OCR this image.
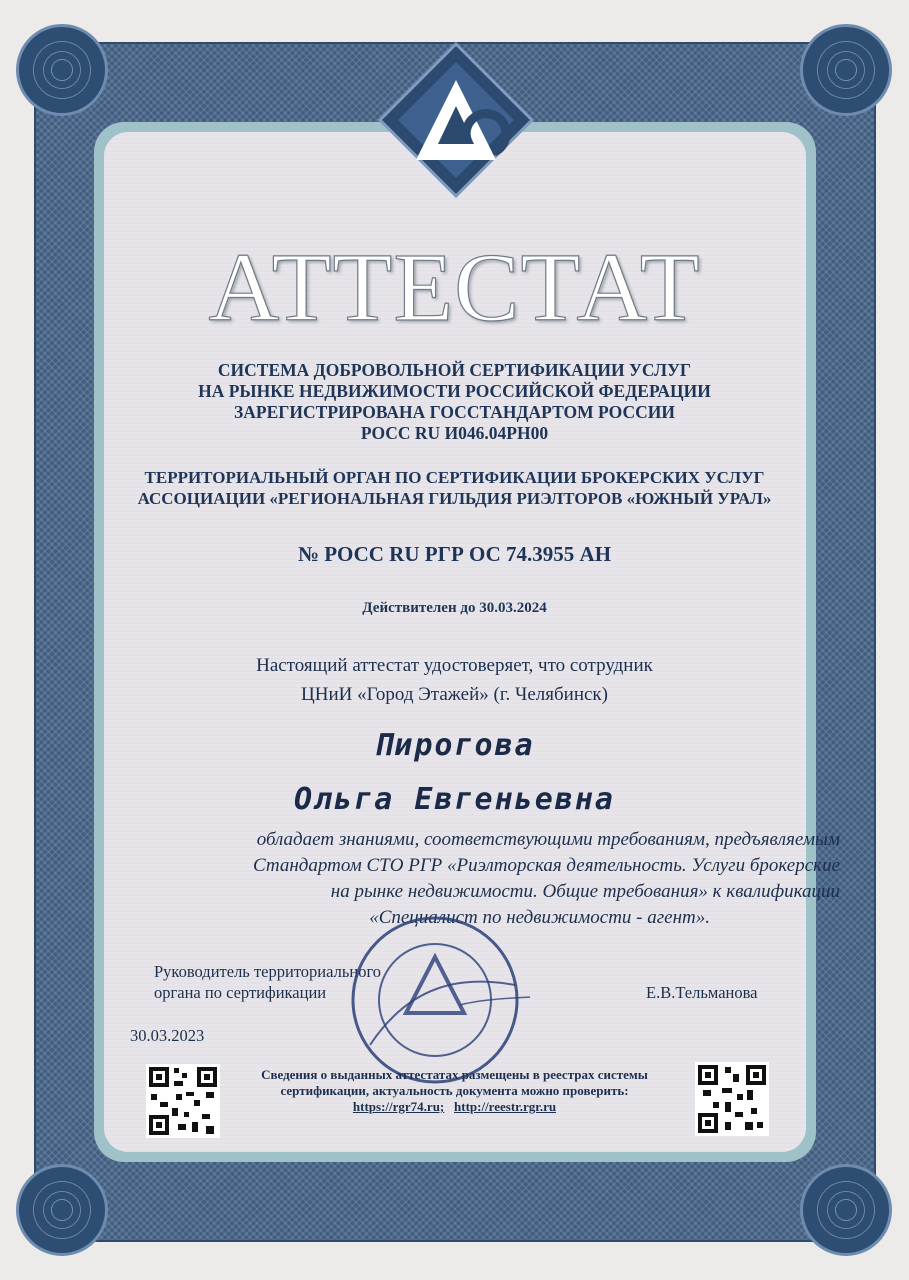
АТТЕСТАТ
СИСТЕМА ДОБРОВОЛЬНОЙ СЕРТИФИКАЦИИ УСЛУГ
НА РЫНКЕ НЕДВИЖИМОСТИ РОССИЙСКОЙ ФЕДЕРАЦИИ
ЗАРЕГИСТРИРОВАНА ГОССТАНДАРТОМ РОССИИ
РОСС RU И046.04РН00
ТЕРРИТОРИАЛЬНЫЙ ОРГАН ПО СЕРТИФИКАЦИИ БРОКЕРСКИХ УСЛУГ
АССОЦИАЦИИ «РЕГИОНАЛЬНАЯ ГИЛЬДИЯ РИЭЛТОРОВ «ЮЖНЫЙ УРАЛ»
№ РОСС RU РГР ОС 74.3955 АН
Действителен до 30.03.2024
Настоящий аттестат удостоверяет, что сотрудник
ЦНиИ «Город Этажей» (г. Челябинск)
Пирогова
Ольга Евгеньевна
обладает знаниями, соответствующими требованиям, предъявляемым
Стандартом СТО РГР «Риэлторская деятельность. Услуги брокерские
на рынке недвижимости. Общие требования» к квалификации
«Специалист по недвижимости - агент».
Руководитель территориального
органа по сертификации	Е.В.Тельманова
30.03.2023
Сведения о выданных аттестатах размещены в реестрах системы
сертификации, актуальность документа можно проверить:
https://rgr74.ru; http://reestr.rgr.ru
